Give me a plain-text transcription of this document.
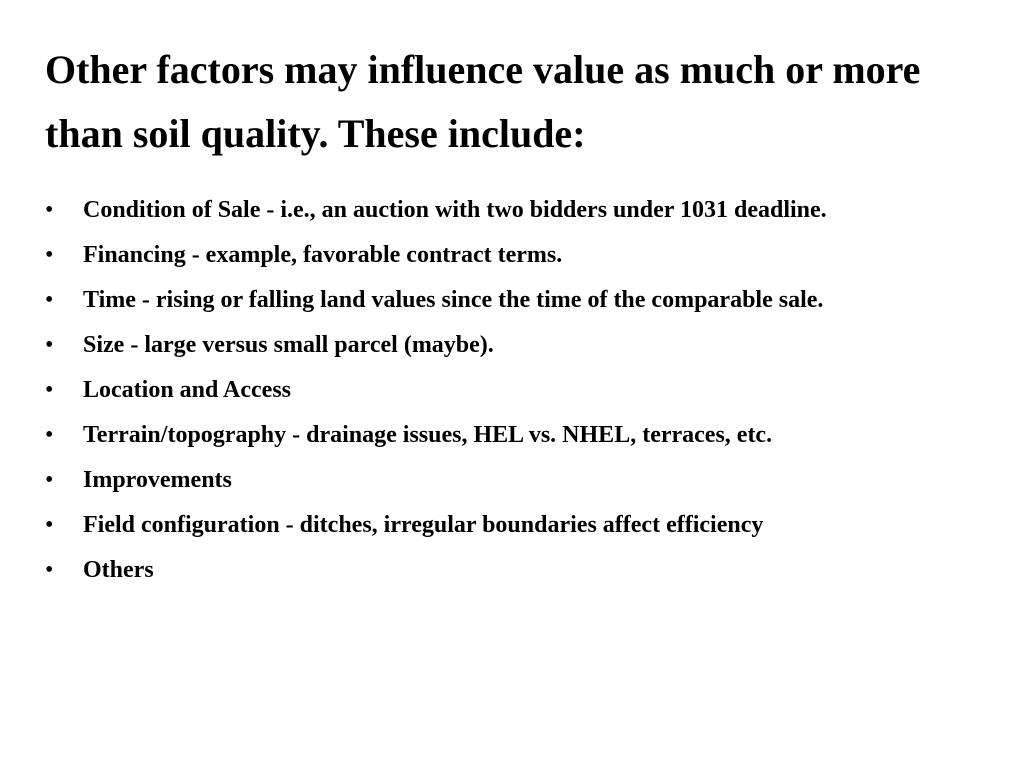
Other factors may influence value as much or more than soil quality. These include:
•	Condition of Sale - i.e., an auction with two bidders under 1031 deadline.
•	Financing - example, favorable contract terms.
•	Time - rising or falling land values since the time of the comparable sale.
•	Size - large versus small parcel (maybe).
•	Location and Access
•	Terrain/topography - drainage issues, HEL vs. NHEL, terraces, etc.
•	Improvements
•	Field configuration - ditches, irregular boundaries affect efficiency
•	Others
